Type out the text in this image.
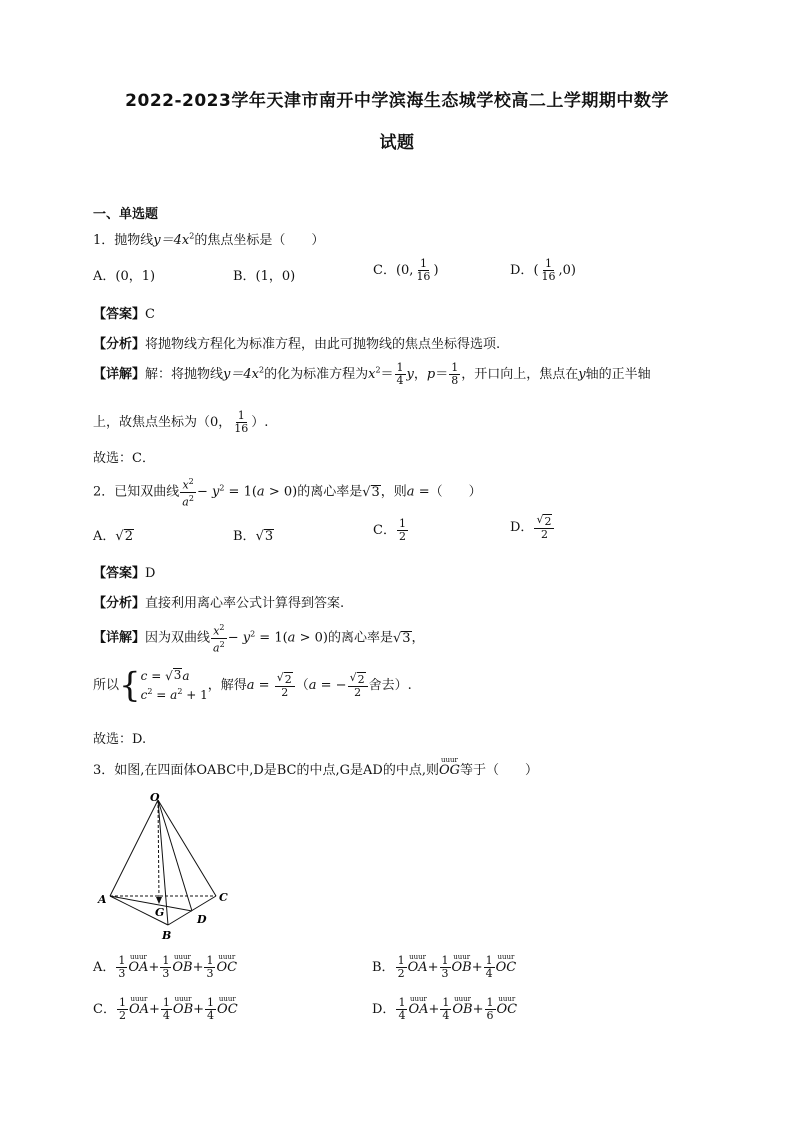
2022-2023学年天津市南开中学滨海生态城学校高二上学期期中数学
试题
一、单选题
1．抛物线$y=4x^2$的焦点坐标是（　　）
A．(0，1)	B．(1，0)	C．(0, $\frac{1}{16}$ )	D．( $\frac{1}{16} ,0$)
【答案】C
【分析】将抛物线方程化为标准方程，由此可抛物线的焦点坐标得选项.
【详解】解：将抛物线$y=4x^2$的化为标准方程为$x^2= \frac{1}{4}$ y，$p= \frac{1}{8}$ ，开口向上，焦点在y轴的正半轴
上，故焦点坐标为（0， $\frac{1}{16}$ ）.
故选：C．
2．已知双曲线 $\frac{x^2}{a^2} - y^2 = 1(a > 0)$的离心率是 √ 3 ，则a =（　　）
A． √ 2	B． √ 3	C． $\frac{1}{2}$	D． $\frac{√ 2}{2}$
【答案】D
【分析】直接利用离心率公式计算得到答案.
【详解】因为双曲线 $\frac{x^2}{a^2} - y^2 = 1(a > 0)$的离心率是 √ 3 ，
所以{ c = √ 3 a
$c^2 = a^2 + 1$
，解得$a = \frac{√ 2}{2} (a$ = − $\frac{√ 2}{2}$ 舍去）.
故选：D.
3．如图,在四面体OABC中,D是BC的中点,G是AD的中点,则
uuur
OG等于（　　）
O
A
B
C
D
G
A． $\frac{1}{3}$ uuur
$OA+ \frac{1}{3}$ uuur
$OB+ \frac{1}{3}$ uuur
OC	B． $\frac{1}{2}$ uuur
$OA+ \frac{1}{3}$ uuur
$OB+ \frac{1}{4}$ uuur
OC
C． $\frac{1}{2}$ uuur
$OA+ \frac{1}{4}$ uuur
$OB+ \frac{1}{4}$ uuur
OC	D． $\frac{1}{4}$ uuur
$OA+ \frac{1}{4}$ uuur
$OB+ \frac{1}{6}$ uuur
OC
